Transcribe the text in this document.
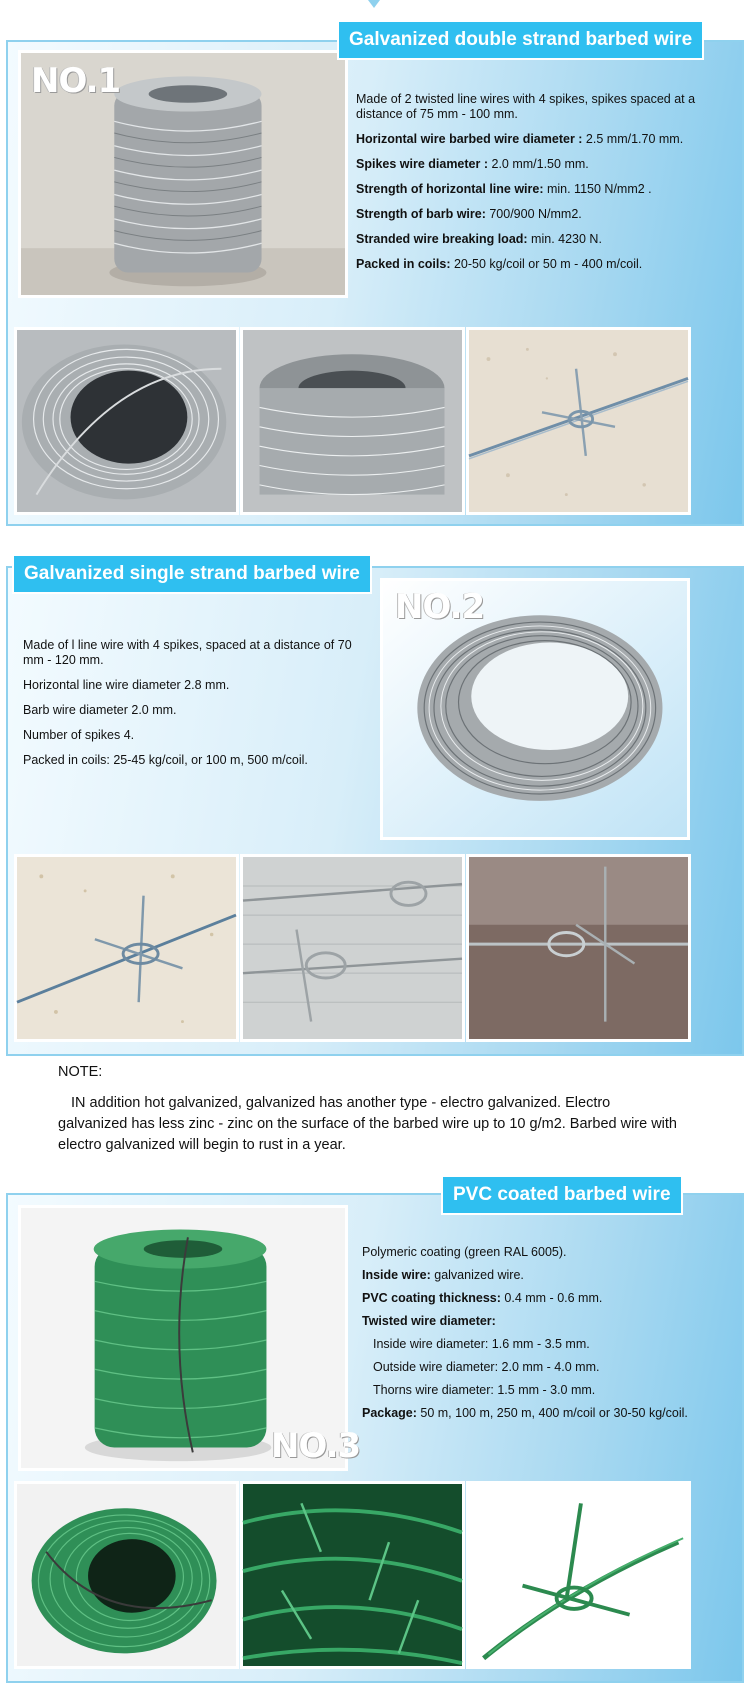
NO.1
Galvanized double strand barbed wire

Made of 2 twisted line wires with 4 spikes, spikes spaced at a distance of 75 mm - 100 mm.

Horizontal wire barbed wire diameter : 2.5 mm/1.70 mm.

Spikes wire diameter : 2.0 mm/1.50 mm.

Strength of horizontal line wire: min. 1150 N/mm2 .

Strength of barb wire: 700/900 N/mm2.

Stranded wire breaking load: min. 4230 N.

Packed in coils: 20-50 kg/coil or 50 m - 400 m/coil.

Galvanized single strand barbed wire

Made of l line wire with 4 spikes, spaced at a distance of 70 mm - 120 mm.

Horizontal line wire diameter 2.8 mm.

Barb wire diameter 2.0 mm.

Number of spikes 4.

Packed in coils: 25-45 kg/coil, or 100 m, 500 m/coil.

NO.2

NOTE:

IN addition hot galvanized, galvanized has another type - electro galvanized. Electro galvanized has less zinc - zinc on the surface of the barbed wire up to 10 g/m2. Barbed wire with electro galvanized will begin to rust in a year.

PVC coated barbed wire
NO.3

Polymeric coating (green RAL 6005).

Inside wire: galvanized wire.

PVC coating thickness: 0.4 mm - 0.6 mm.

Twisted wire diameter:

Inside wire diameter: 1.6 mm - 3.5 mm.

Outside wire diameter: 2.0 mm - 4.0 mm.

Thorns wire diameter: 1.5 mm - 3.0 mm.

Package: 50 m, 100 m, 250 m, 400 m/coil or 30-50 kg/coil.
